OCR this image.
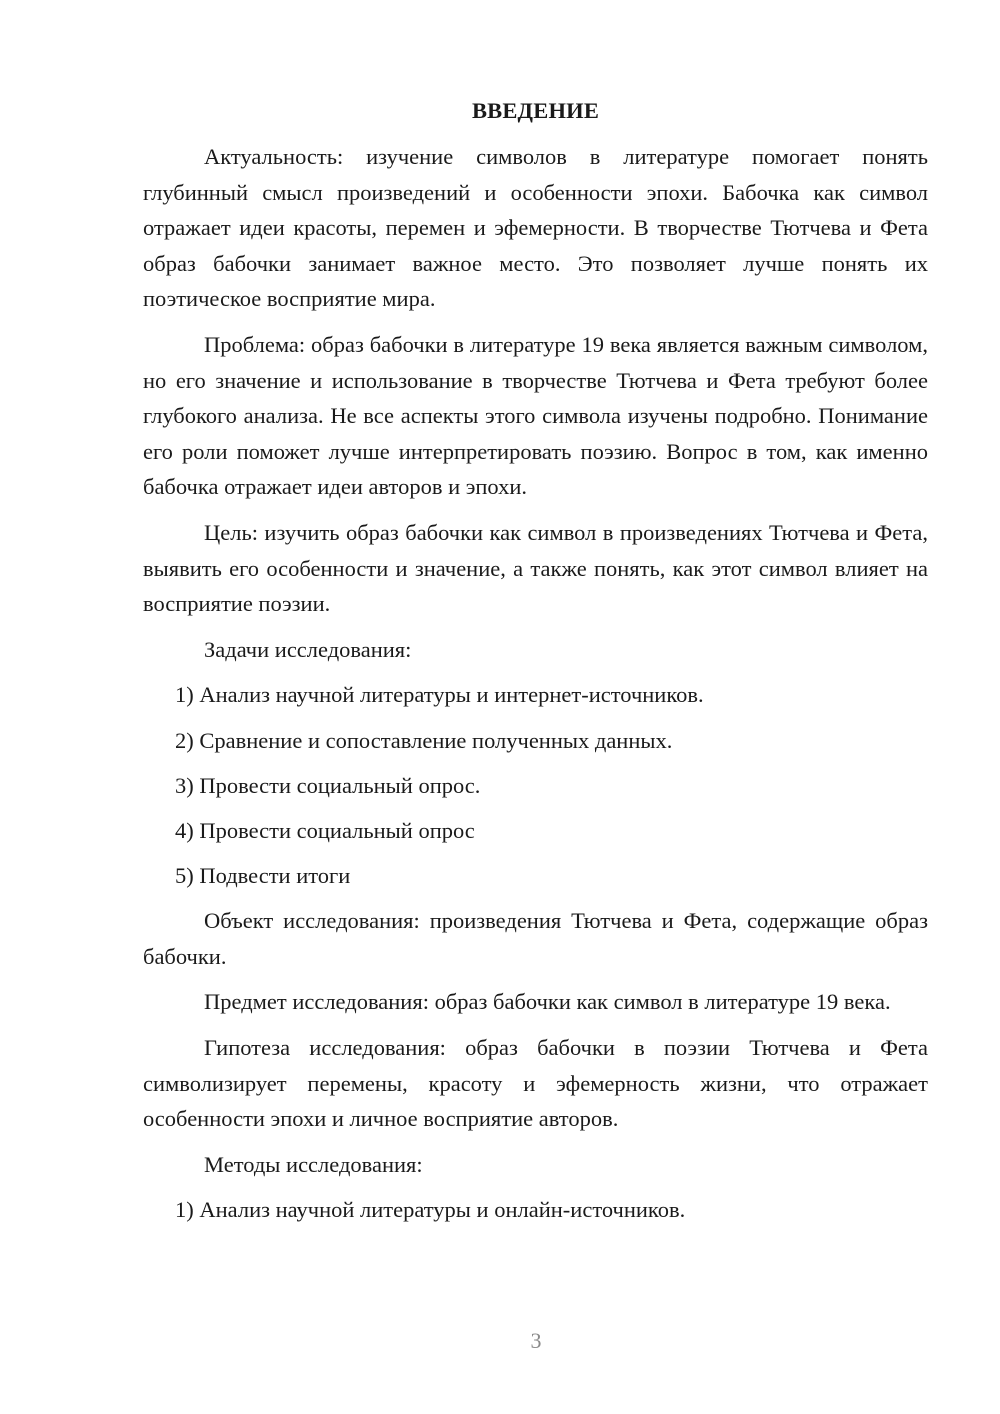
ВВЕДЕНИЕ

Актуальность: изучение символов в литературе помогает понять глубинный смысл произведений и особенности эпохи. Бабочка как символ отражает идеи красоты, перемен и эфемерности. В творчестве Тютчева и Фета образ бабочки занимает важное место. Это позволяет лучше понять их поэтическое восприятие мира.

Проблема: образ бабочки в литературе 19 века является важным символом, но его значение и использование в творчестве Тютчева и Фета требуют более глубокого анализа. Не все аспекты этого символа изучены подробно. Понимание его роли поможет лучше интерпретировать поэзию. Вопрос в том, как именно бабочка отражает идеи авторов и эпохи.

Цель: изучить образ бабочки как символ в произведениях Тютчева и Фета, выявить его особенности и значение, а также понять, как этот символ влияет на восприятие поэзии.

Задачи исследования:

1) Анализ научной литературы и интернет-источников.
2) Сравнение и сопоставление полученных данных.
3) Провести социальный опрос.
4) Провести социальный опрос
5) Подвести итоги

Объект исследования: произведения Тютчева и Фета, содержащие образ бабочки.

Предмет исследования: образ бабочки как символ в литературе 19 века.

Гипотеза исследования: образ бабочки в поэзии Тютчева и Фета символизирует перемены, красоту и эфемерность жизни, что отражает особенности эпохи и личное восприятие авторов.

Методы исследования:

1) Анализ научной литературы и онлайн-источников.
3
